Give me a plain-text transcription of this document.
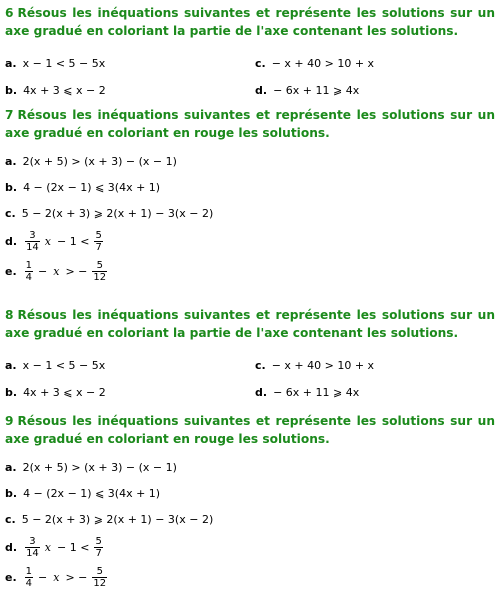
6 Résous les inéquations suivantes et représente les solutions sur un axe gradué en coloriant la partie de l'axe contenant les solutions.

a. x − 1 < 5 − 5x	c. − x + 40 > 10 + x
b. 4x + 3 ⩽ x − 2	d. − 6x + 11 ⩾ 4x

7 Résous les inéquations suivantes et représente les solutions sur un axe gradué en coloriant en rouge les solutions.

a. 2(x + 5) > (x + 3) − (x − 1)
b. 4 − (2x − 1) ⩽ 3(4x + 1)
c. 5 − 2(x + 3) ⩾ 2(x + 1) − 3(x − 2)
d. $\frac{3}{14}$ $x - 1 < \frac{5}{7}$
e. $\frac{1}{4} - x$ > − $\frac{5}{12}$

8 Résous les inéquations suivantes et représente les solutions sur un axe gradué en coloriant la partie de l'axe contenant les solutions.

a. x − 1 < 5 − 5x	c. − x + 40 > 10 + x
b. 4x + 3 ⩽ x − 2	d. − 6x + 11 ⩾ 4x

9 Résous les inéquations suivantes et représente les solutions sur un axe gradué en coloriant en rouge les solutions.

a. 2(x + 5) > (x + 3) − (x − 1)
b. 4 − (2x − 1) ⩽ 3(4x + 1)
c. 5 − 2(x + 3) ⩾ 2(x + 1) − 3(x − 2)
d. $\frac{3}{14}$ $x - 1 < \frac{5}{7}$
e. $\frac{1}{4} - x$ > − $\frac{5}{12}$
